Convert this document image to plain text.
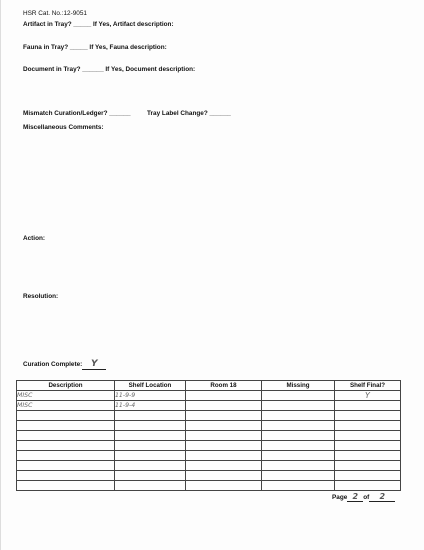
HSR Cat. No.:12-9051
Artifact in Tray? _____ If Yes, Artifact description:
Fauna in Tray? _____ If Yes, Fauna description:
Document in Tray? ______ If Yes, Document description:
Mismatch Curation/Ledger? ______	Tray Label Change? ______
Miscellaneous Comments:
Action:
Resolution:
Curation Complete: Y
Description	Shelf Location	Room 18	Missing	Shelf Final?
MISC	11-9-9			Y
MISC	11-9-4			

Page 2 of 2
